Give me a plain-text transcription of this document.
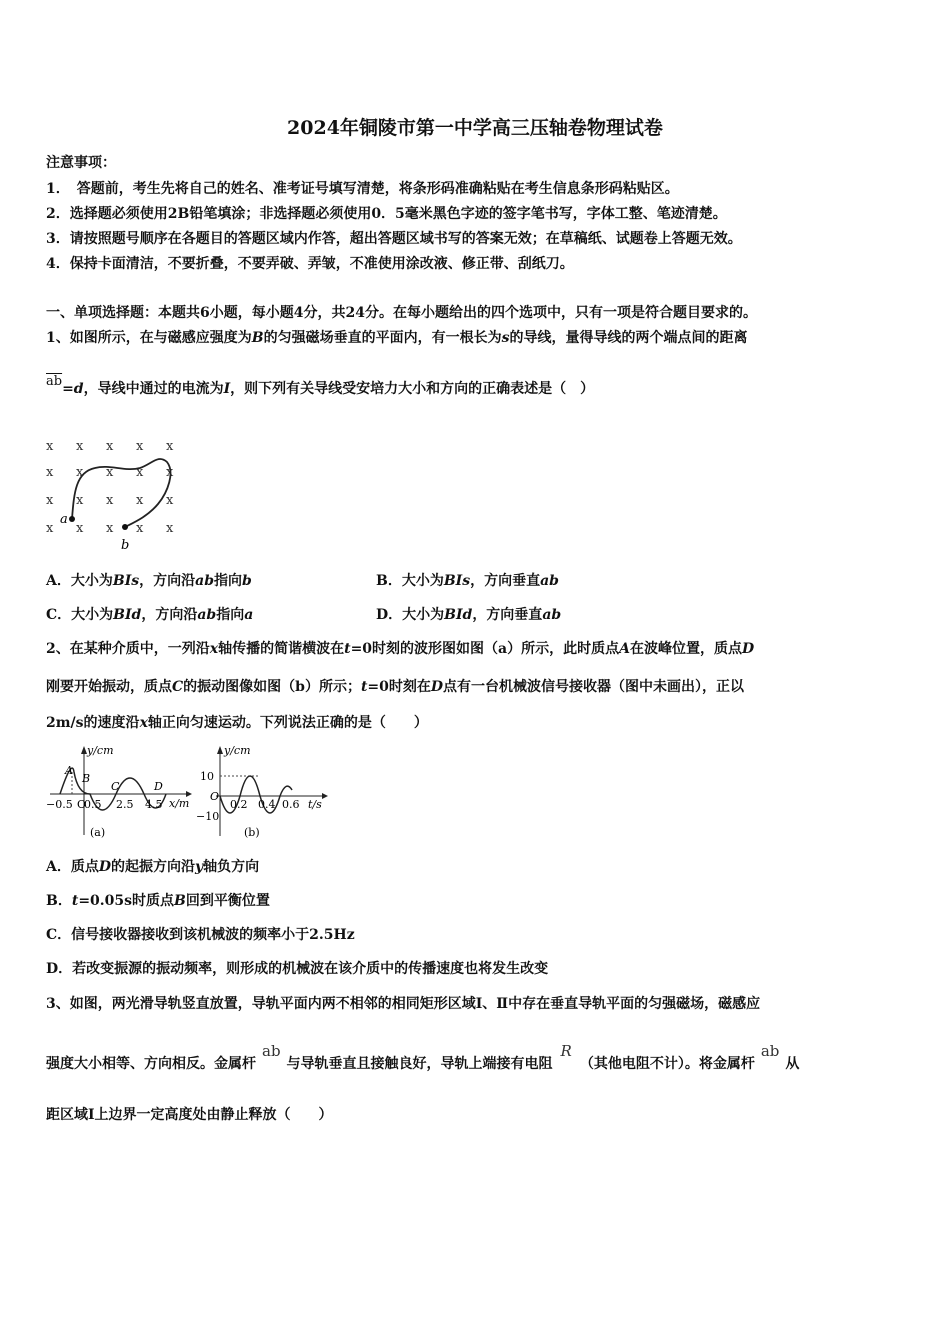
2024年铜陵市第一中学高三压轴卷物理试卷
注意事项：
1．　答题前，考生先将自己的姓名、准考证号填写清楚，将条形码准确粘贴在考生信息条形码粘贴区。
2．选择题必须使用2B铅笔填涂；非选择题必须使用0．5毫米黑色字迹的签字笔书写，字体工整、笔迹清楚。
3．请按照题号顺序在各题目的答题区域内作答，超出答题区域书写的答案无效；在草稿纸、试题卷上答题无效。
4．保持卡面清洁，不要折叠，不要弄破、弄皱，不准使用涂改液、修正带、刮纸刀。
一、单项选择题：本题共6小题，每小题4分，共24分。在每小题给出的四个选项中，只有一项是符合题目要求的。
1、如图所示，在与磁感应强度为B的匀强磁场垂直的平面内，有一根长为s的导线，量得导线的两个端点间的距离
$\overline{ab}=d$，导线中通过的电流为I，则下列有关导线受安培力大小和方向的正确表述是（　）
x x x x x
x x x x x
x x x x x
x x x x x
a
b
A．大小为BIs，方向沿ab指向b	B．大小为BIs，方向垂直ab
C．大小为BId，方向沿ab指向a	D．大小为BId，方向垂直ab
2、在某种介质中，一列沿x轴传播的简谐横波在t=0时刻的波形图如图（a）所示，此时质点A在波峰位置，质点D
刚要开始振动，质点C的振动图像如图（b）所示；t=0时刻在D点有一台机械波信号接收器（图中未画出），正以
2m/s的速度沿x轴正向匀速运动。下列说法正确的是（　　）
y/cm
x/m
−0.5 O
0.5 2.5 4.5
A
B
C	D
(a)
y/cm
t/s
10
O
−10
0.2 0.4 0.6
(b)
A．质点D的起振方向沿y轴负方向
B．t=0.05s时质点B回到平衡位置
C．信号接收器接收到该机械波的频率小于2.5Hz
D．若改变振源的振动频率，则形成的机械波在该介质中的传播速度也将发生改变
3、如图，两光滑导轨竖直放置，导轨平面内两不相邻的相同矩形区域Ⅰ、Ⅱ中存在垂直导轨平面的匀强磁场，磁感应
强度大小相等、方向相反。金属杆ab与导轨垂直且接触良好，导轨上端接有电阻R（其他电阻不计）。将金属杆ab从
距区域Ⅰ上边界一定高度处由静止释放（　　）
